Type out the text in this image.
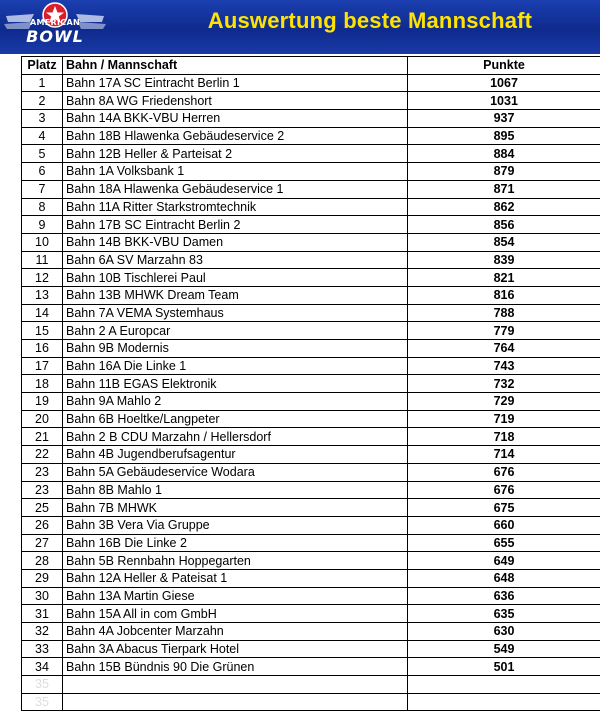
AMERICAN
BOWL
Auswertung beste Mannschaft
Platz	Bahn / Mannschaft	Punkte
1	Bahn 17A SC Eintracht Berlin 1	1067
2	Bahn 8A WG Friedenshort	1031
3	Bahn 14A BKK-VBU Herren	937
4	Bahn 18B Hlawenka Gebäudeservice 2	895
5	Bahn 12B Heller & Parteisat 2	884
6	Bahn 1A Volksbank 1	879
7	Bahn 18A Hlawenka Gebäudeservice 1	871
8	Bahn 11A Ritter Starkstromtechnik	862
9	Bahn 17B SC Eintracht Berlin 2	856
10	Bahn 14B BKK-VBU Damen	854
11	Bahn 6A SV Marzahn 83	839
12	Bahn 10B Tischlerei Paul	821
13	Bahn 13B MHWK Dream Team	816
14	Bahn 7A VEMA Systemhaus	788
15	Bahn 2 A Europcar	779
16	Bahn 9B Modernis	764
17	Bahn 16A Die Linke 1	743
18	Bahn 11B EGAS Elektronik	732
19	Bahn 9A Mahlo 2	729
20	Bahn 6B Hoeltke/Langpeter	719
21	Bahn 2 B CDU Marzahn / Hellersdorf	718
22	Bahn 4B Jugendberufsagentur	714
23	Bahn 5A Gebäudeservice Wodara	676
23	Bahn 8B Mahlo 1	676
25	Bahn 7B MHWK	675
26	Bahn 3B Vera Via Gruppe	660
27	Bahn 16B Die Linke 2	655
28	Bahn 5B Rennbahn Hoppegarten	649
29	Bahn 12A Heller & Pateisat 1	648
30	Bahn 13A Martin Giese	636
31	Bahn 15A All in com GmbH	635
32	Bahn 4A Jobcenter Marzahn	630
33	Bahn 3A Abacus Tierpark Hotel	549
34	Bahn 15B Bündnis 90 Die Grünen	501
35		
35		
